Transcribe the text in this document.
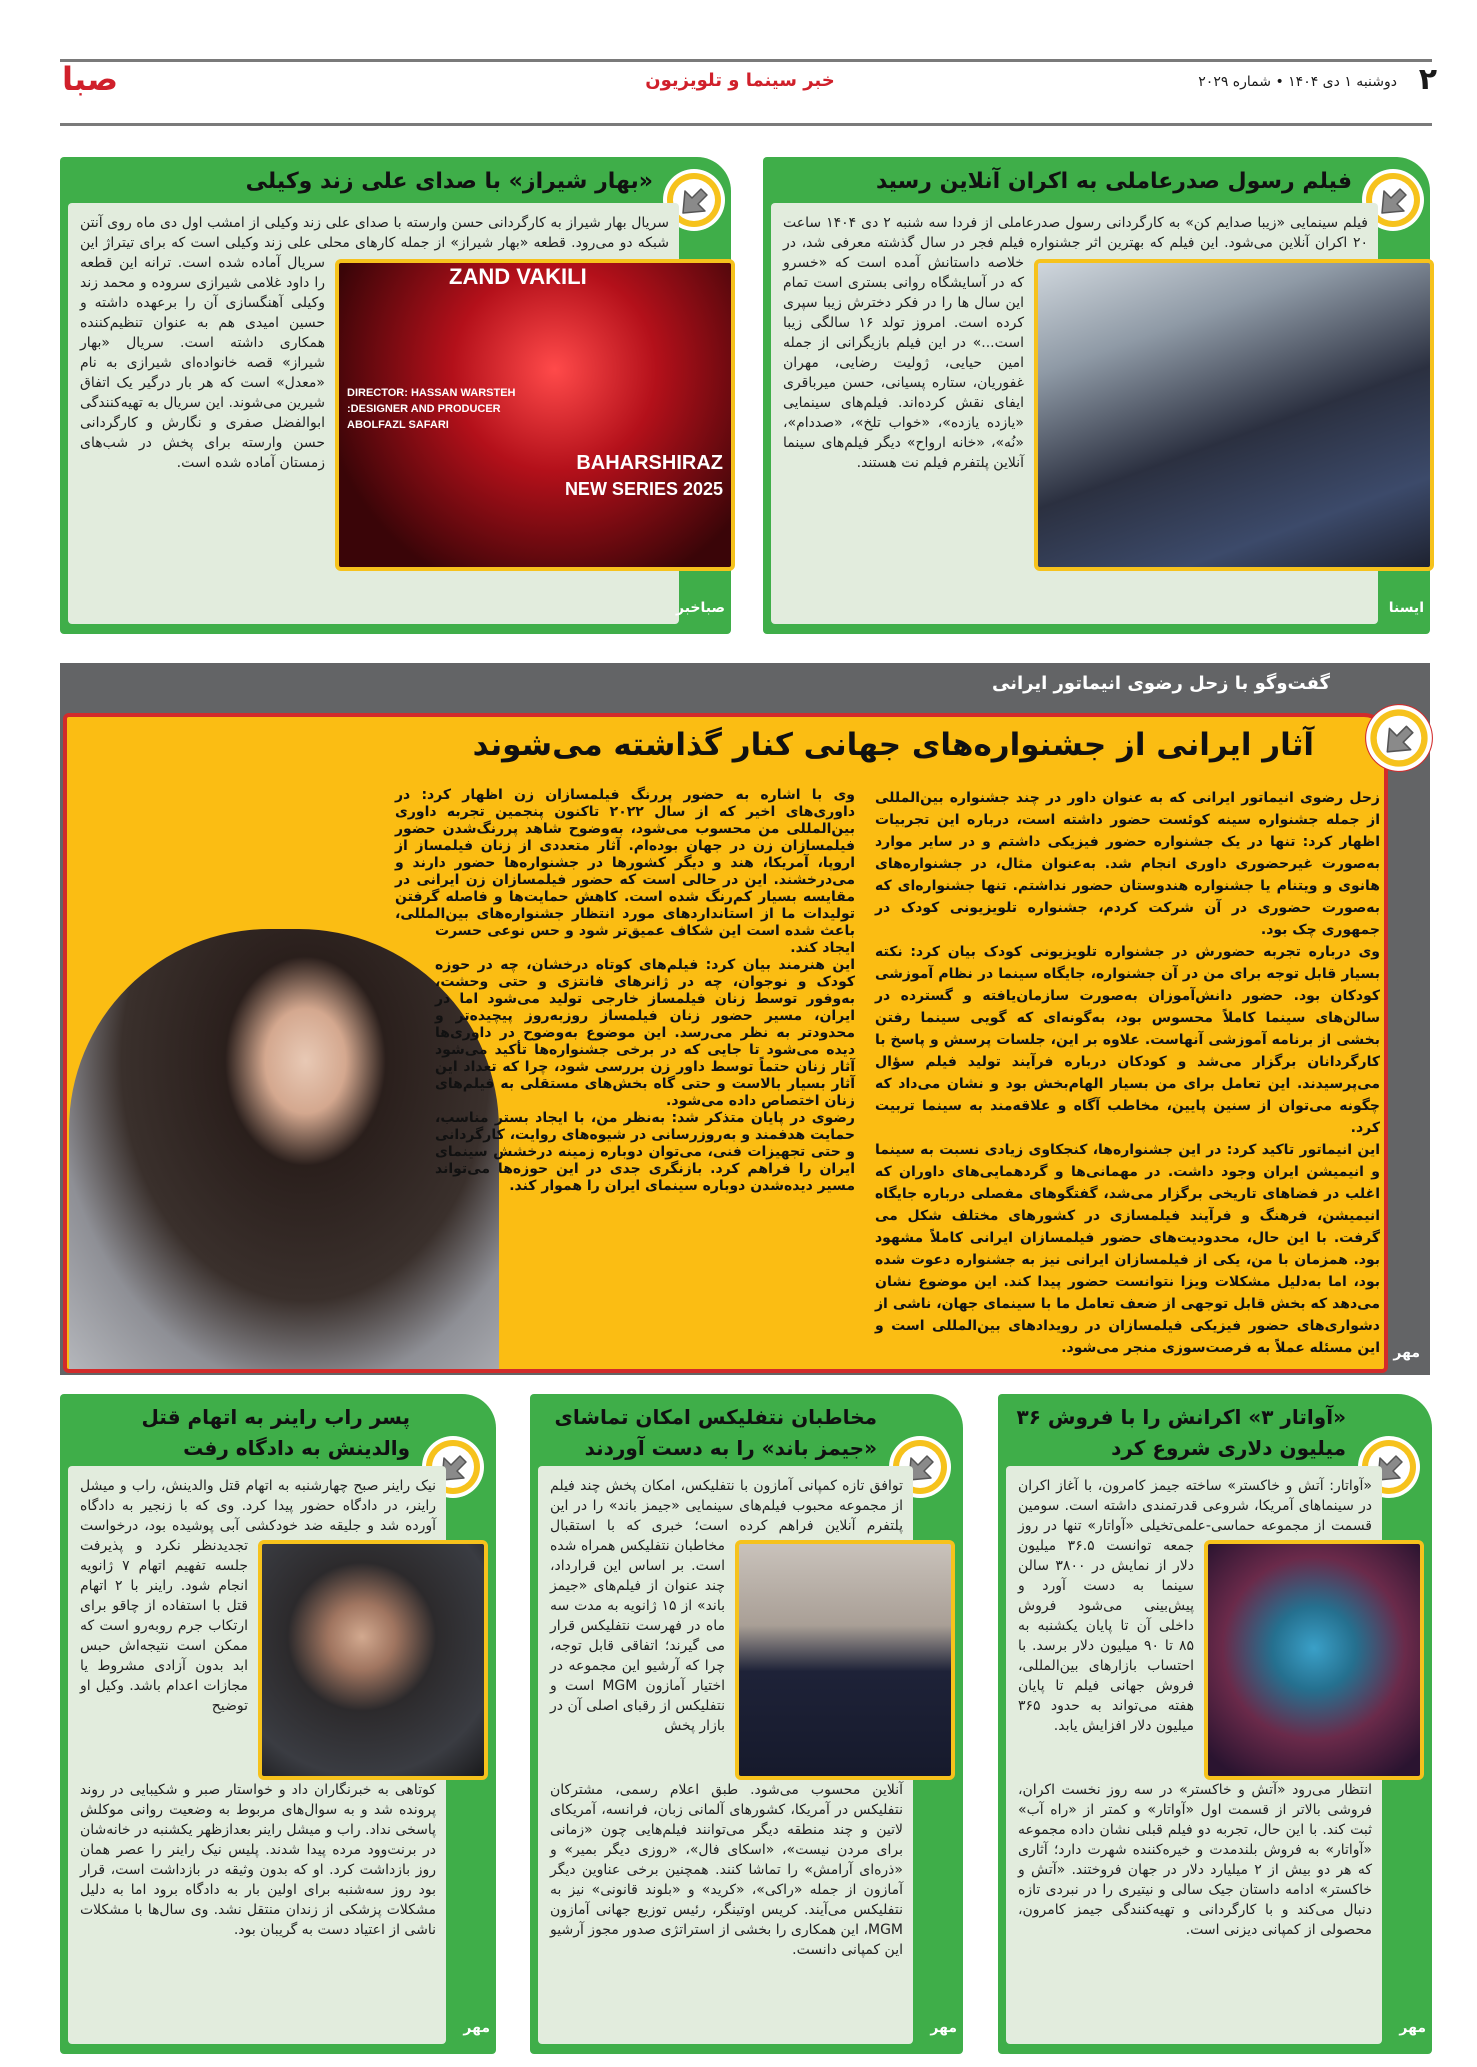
۲
دوشنبه ۱ دی ۱۴۰۴ • شماره ۲۰۲۹
خبر سینما و تلویزیون
صبا
فیلم رسول صدرعاملی به اکران آنلاین رسید

فیلم سینمایی «زیبا صدایم کن» به کارگردانی رسول صدرعاملی از فردا سه شنبه ۲ دی ۱۴۰۴ ساعت ۲۰ اکران آنلاین می‌شود. این فیلم که بهترین اثر جشنواره فیلم فجر در سال گذشته معرفی شد، در خلاصه داستانش آمده است که «خسرو که در آسایشگاه روانی بستری است تمام این سال ها را در فکر دخترش زیبا سپری کرده است. امروز تولد ۱۶ سالگی زیبا است...» در این فیلم بازیگرانی از جمله امین حیایی، ژولیت رضایی، مهران غفوریان، ستاره پسیانی، حسن میرباقری ایفای نقش کرده‌اند. فیلم‌های سینمایی «یازده یازده»، «خواب تلخ»، «صددام»، «نُه»، «خانه ارواح» دیگر فیلم‌های سینما آنلاین پلتفرم فیلم نت هستند.

ایسنا
«بهار شیراز» با صدای علی زند وکیلی
ZAND VAKILI
DIRECTOR: HASSAN WARSTEH
DESIGNER AND PRODUCER:
ABOLFAZL SAFARI
BAHARSHIRAZ
NEW SERIES 2025

سریال بهار شیراز به کارگردانی حسن وارسته با صدای علی زند وکیلی از امشب اول دی ماه روی آنتن شبکه دو می‌رود. قطعه «بهار شیراز» از جمله کارهای محلی علی زند وکیلی است که برای تیتراژ این سریال آماده شده است. ترانه این قطعه را داود غلامی شیرازی سروده و محمد زند وکیلی آهنگسازی آن را برعهده داشته و حسین امیدی هم به عنوان تنظیم‌کننده همکاری داشته است. سریال «بهار شیراز» قصه خانواده‌ای شیرازی به نام «معدل» است که هر بار درگیر یک اتفاق شیرین می‌شوند. این سریال به تهیه‌کنندگی ابوالفضل صفری و نگارش و کارگردانی حسن وارسته برای پخش در شب‌های زمستان آماده شده است.

صباخبر
گفت‌وگو با زحل رضوی انیماتور ایرانی
آثار ایرانی از جشنواره‌های جهانی کنار گذاشته می‌شوند

زحل رضوی انیماتور ایرانی که به عنوان داور در چند جشنواره بین‌المللی از جمله جشنواره سینه کوئست حضور داشته است، درباره این تجربیات اظهار کرد: تنها در یک جشنواره حضور فیزیکی داشتم و در سایر موارد به‌صورت غیرحضوری داوری انجام شد. به‌عنوان مثال، در جشنواره‌های هانوی و ویتنام یا جشنواره هندوستان حضور نداشتم. تنها جشنواره‌ای که به‌صورت حضوری در آن شرکت کردم، جشنواره تلویزیونی کودک در جمهوری چک بود.

وی درباره تجربه حضورش در جشنواره تلویزیونی کودک بیان کرد: نکته بسیار قابل توجه برای من در آن جشنواره، جایگاه سینما در نظام آموزشی کودکان بود. حضور دانش‌آموزان به‌صورت سازمان‌یافته و گسترده در سالن‌های سینما کاملاً محسوس بود، به‌گونه‌ای که گویی سینما رفتن بخشی از برنامه آموزشی آنهاست. علاوه بر این، جلسات پرسش و پاسخ با کارگردانان برگزار می‌شد و کودکان درباره فرآیند تولید فیلم سؤال می‌پرسیدند. این تعامل برای من بسیار الهام‌بخش بود و نشان می‌داد که چگونه می‌توان از سنین پایین، مخاطب آگاه و علاقه‌مند به سینما تربیت کرد.

این انیماتور تاکید کرد: در این جشنواره‌ها، کنجکاوی زیادی نسبت به سینما و انیمیشن ایران وجود داشت. در مهمانی‌ها و گردهمایی‌های داوران که اغلب در فضاهای تاریخی برگزار می‌شد، گفتگوهای مفصلی درباره جایگاه انیمیشن، فرهنگ و فرآیند فیلمسازی در کشورهای مختلف شکل می گرفت. با این حال، محدودیت‌های حضور فیلمسازان ایرانی کاملاً مشهود بود. همزمان با من، یکی از فیلمسازان ایرانی نیز به جشنواره دعوت شده بود، اما به‌دلیل مشکلات ویزا نتوانست حضور پیدا کند. این موضوع نشان می‌دهد که بخش قابل توجهی از ضعف تعامل ما با سینمای جهان، ناشی از دشواری‌های حضور فیزیکی فیلمسازان در رویدادهای بین‌المللی است و این مسئله عملاً به فرصت‌سوزی منجر می‌شود.

وی با اشاره به حضور پررنگ فیلمسازان زن اظهار کرد: در داوری‌های اخیر که از سال ۲۰۲۲ تاکنون پنجمین تجربه داوری بین‌المللی من محسوب می‌شود، به‌وضوح شاهد پررنگ‌شدن حضور فیلمسازان زن در جهان بوده‌ام. آثار متعددی از زنان فیلمساز از اروپا، آمریکا، هند و دیگر کشورها در جشنواره‌ها حضور دارند و می‌درخشند. این در حالی است که حضور فیلمسازان زن ایرانی در مقایسه بسیار کم‌رنگ شده است. کاهش حمایت‌ها و فاصله گرفتن تولیدات ما از استانداردهای مورد انتظار جشنواره‌های بین‌المللی، باعث شده است این شکاف عمیق‌تر شود و حس نوعی حسرت ایجاد کند.

این هنرمند بیان کرد: فیلم‌های کوتاه درخشان، چه در حوزه کودک و نوجوان، چه در ژانرهای فانتزی و حتی وحشت، به‌وفور توسط زنان فیلمساز خارجی تولید می‌شود اما در ایران، مسیر حضور زنان فیلمساز روزبه‌روز پیچیده‌تر و محدودتر به نظر می‌رسد. این موضوع به‌وضوح در داوری‌ها دیده می‌شود تا جایی که در برخی جشنواره‌ها تأکید می‌شود آثار زنان حتماً توسط داور زن بررسی شود، چرا که تعداد این آثار بسیار بالاست و حتی گاه بخش‌های مستقلی به فیلم‌های زنان اختصاص داده می‌شود.

رضوی در پایان متذکر شد: به‌نظر من، با ایجاد بستر مناسب، حمایت هدفمند و به‌روزرسانی در شیوه‌های روایت، کارگردانی و حتی تجهیزات فنی، می‌توان دوباره زمینه درخشش سینمای ایران را فراهم کرد. بازنگری جدی در این حوزه‌ها می‌تواند مسیر دیده‌شدن دوباره سینمای ایران را هموار کند.

مهر
«آواتار ۳» اکرانش را با فروش ۳۶ میلیون دلاری شروع کرد

«آواتار: آتش و خاکستر» ساخته جیمز کامرون، با آغاز اکران در سینماهای آمریکا، شروعی قدرتمندی داشته است. سومین قسمت از مجموعه حماسی-علمی‌تخیلی «آواتار» تنها در روز جمعه توانست ۳۶.۵ میلیون دلار از نمایش در ۳۸۰۰ سالن سینما به دست آورد و پیش‌بینی می‌شود فروش داخلی آن تا پایان یکشنبه به ۸۵ تا ۹۰ میلیون دلار برسد. با احتساب بازارهای بین‌المللی، فروش جهانی فیلم تا پایان هفته می‌تواند به حدود ۳۶۵ میلیون دلار افزایش یابد.

انتظار می‌رود «آتش و خاکستر» در سه روز نخست اکران، فروشی بالاتر از قسمت اول «آواتار» و کمتر از «راه آب» ثبت کند. با این حال، تجربه دو فیلم قبلی نشان داده مجموعه «آواتار» به فروش بلندمدت و خیره‌کننده شهرت دارد؛ آثاری که هر دو بیش از ۲ میلیارد دلار در جهان فروختند. «آتش و خاکستر» ادامه داستان جیک سالی و نیتیری را در نبردی تازه دنبال می‌کند و با کارگردانی و تهیه‌کنندگی جیمز کامرون، محصولی از کمپانی دیزنی است.

مهر
مخاطبان نتفلیکس امکان تماشای «جیمز باند» را به دست آوردند

توافق تازه کمپانی آمازون با نتفلیکس، امکان پخش چند فیلم از مجموعه محبوب فیلم‌های سینمایی «جیمز باند» را در این پلتفرم آنلاین فراهم کرده است؛ خبری که با استقبال مخاطبان نتفلیکس همراه شده است. بر اساس این قرارداد، چند عنوان از فیلم‌های «جیمز باند» از ۱۵ ژانویه به مدت سه ماه در فهرست نتفلیکس قرار می گیرند؛ اتفاقی قابل توجه، چرا که آرشیو این مجموعه در اختیار آمازون MGM است و نتفلیکس از رقبای اصلی آن در بازار پخش

آنلاین محسوب می‌شود. طبق اعلام رسمی، مشترکان نتفلیکس در آمریکا، کشورهای آلمانی زبان، فرانسه، آمریکای لاتین و چند منطقه دیگر می‌توانند فیلم‌هایی چون «زمانی برای مردن نیست»، «اسکای فال»، «روزی دیگر بمیر» و «ذره‌ای آرامش» را تماشا کنند. همچنین برخی عناوین دیگر آمازون از جمله «راکی»، «کرید» و «بلوند قانونی» نیز به نتفلیکس می‌آیند. کریس اوتینگر، رئیس توزیع جهانی آمازون MGM، این همکاری را بخشی از استراتژی صدور مجوز آرشیو این کمپانی دانست.

مهر
پسر راب راینر به اتهام قتل والدینش به دادگاه رفت

نیک راینر صبح چهارشنبه به اتهام قتل والدینش، راب و میشل راینر، در دادگاه حضور پیدا کرد. وی که با زنجیر به دادگاه آورده شد و جلیقه ضد خودکشی آبی پوشیده بود، درخواست تجدیدنظر نکرد و پذیرفت جلسه تفهیم اتهام ۷ ژانویه انجام شود. راینر با ۲ اتهام قتل با استفاده از چاقو برای ارتکاب جرم روبه‌رو است که ممکن است نتیجه‌اش حبس ابد بدون آزادی مشروط یا مجازات اعدام باشد. وکیل او توضیح

کوتاهی به خبرنگاران داد و خواستار صبر و شکیبایی در روند پرونده شد و به سوال‌های مربوط به وضعیت روانی موکلش پاسخی نداد. راب و میشل راینر بعدازظهر یکشنبه در خانه‌شان در برنت‌وود مرده پیدا شدند. پلیس نیک راینر را عصر همان روز بازداشت کرد. او که بدون وثیقه در بازداشت است، قرار بود روز سه‌شنبه برای اولین بار به دادگاه برود اما به دلیل مشکلات پزشکی از زندان منتقل نشد. وی سال‌ها با مشکلات ناشی از اعتیاد دست به گریبان بود.

مهر
